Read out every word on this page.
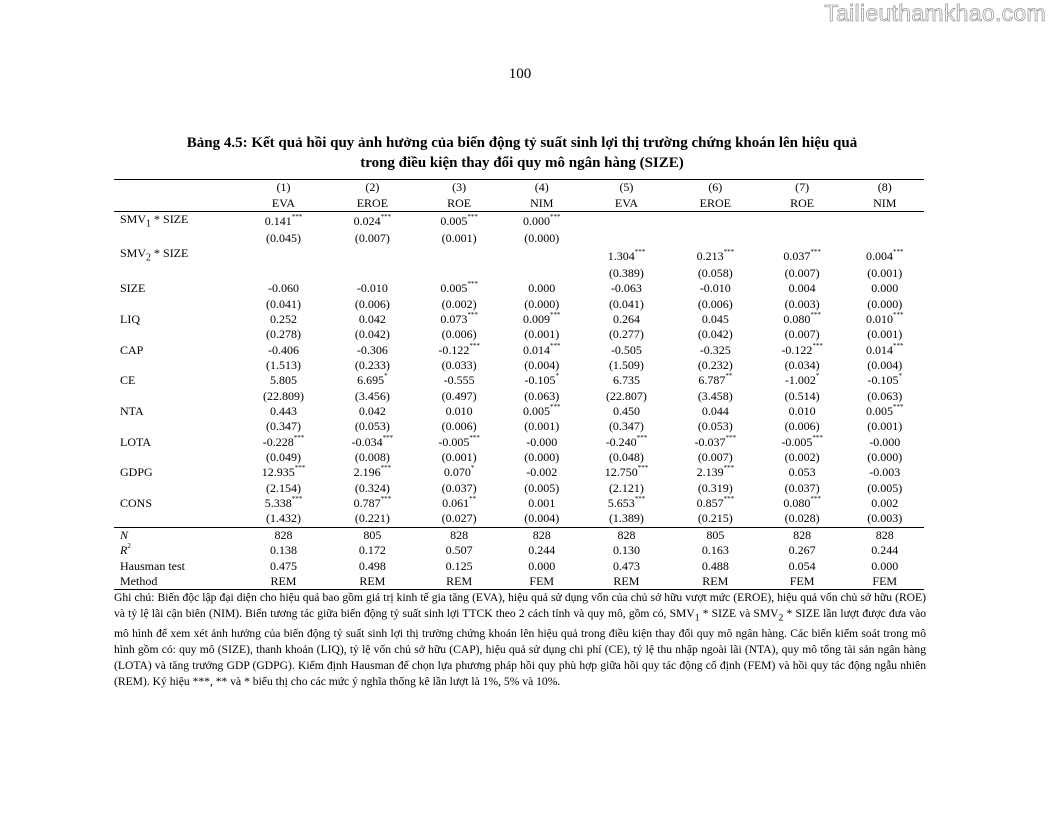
Tailieuthamkhao.com
100
Bảng 4.5: Kết quả hồi quy ảnh hưởng của biến động tỷ suất sinh lợi thị trường chứng khoán lên hiệu quả
trong điều kiện thay đổi quy mô ngân hàng (SIZE)
	(1)	(2)	(3)	(4)	(5)	(6)	(7)	(8)
	EVA	EROE	ROE	NIM	EVA	EROE	ROE	NIM
$SMV_1$ * SIZE	0.141***	0.024***	0.005***	0.000***				
	(0.045)	(0.007)	(0.001)	(0.000)				
$SMV_2$ * SIZE					1.304***	0.213***	0.037***	0.004***
					(0.389)	(0.058)	(0.007)	(0.001)
SIZE	-0.060	-0.010	0.005***	0.000	-0.063	-0.010	0.004	0.000
	(0.041)	(0.006)	(0.002)	(0.000)	(0.041)	(0.006)	(0.003)	(0.000)
LIQ	0.252	0.042	0.073***	0.009***	0.264	0.045	0.080***	0.010***
	(0.278)	(0.042)	(0.006)	(0.001)	(0.277)	(0.042)	(0.007)	(0.001)
CAP	-0.406	-0.306	-0.122***	0.014***	-0.505	-0.325	-0.122***	0.014***
	(1.513)	(0.233)	(0.033)	(0.004)	(1.509)	(0.232)	(0.034)	(0.004)
CE	5.805	6.695*	-0.555	-0.105*	6.735	6.787**	-1.002*	-0.105*
	(22.809)	(3.456)	(0.497)	(0.063)	(22.807)	(3.458)	(0.514)	(0.063)
NTA	0.443	0.042	0.010	0.005***	0.450	0.044	0.010	0.005***
	(0.347)	(0.053)	(0.006)	(0.001)	(0.347)	(0.053)	(0.006)	(0.001)
LOTA	-0.228***	-0.034***	-0.005***	-0.000	-0.240***	-0.037***	-0.005***	-0.000
	(0.049)	(0.008)	(0.001)	(0.000)	(0.048)	(0.007)	(0.002)	(0.000)
GDPG	12.935***	2.196***	0.070*	-0.002	12.750***	2.139***	0.053	-0.003
	(2.154)	(0.324)	(0.037)	(0.005)	(2.121)	(0.319)	(0.037)	(0.005)
CONS	5.338***	0.787***	0.061**	0.001	5.653***	0.857***	0.080***	0.002
	(1.432)	(0.221)	(0.027)	(0.004)	(1.389)	(0.215)	(0.028)	(0.003)
N	828	805	828	828	828	805	828	828
$R^2$	0.138	0.172	0.507	0.244	0.130	0.163	0.267	0.244
Hausman test	0.475	0.498	0.125	0.000	0.473	0.488	0.054	0.000
Method	REM	REM	REM	FEM	REM	REM	FEM	FEM
Ghi chú: Biến độc lập đại diện cho hiệu quả bao gồm giá trị kinh tế gia tăng (EVA), hiệu quả sử dụng vốn của chủ sở hữu vượt mức (EROE), hiệu quả vốn chủ sở hữu (ROE) và tỷ lệ lãi cận biên (NIM). Biến tương tác giữa biến động tỷ suất sinh lợi TTCK theo 2 cách tính và quy mô, gồm có, $SMV_1$ * SIZE và $SMV_2$ * SIZE lần lượt được đưa vào mô hình để xem xét ảnh hưởng của biến động tỷ suất sinh lợi thị trường chứng khoán lên hiệu quả trong điều kiện thay đổi quy mô ngân hàng. Các biến kiểm soát trong mô hình gồm có: quy mô (SIZE), thanh khoản (LIQ), tỷ lệ vốn chủ sở hữu (CAP), hiệu quả sử dụng chi phí (CE), tỷ lệ thu nhập ngoài lãi (NTA), quy mô tổng tài sản ngân hàng (LOTA) và tăng trưởng GDP (GDPG). Kiểm định Hausman để chọn lựa phương pháp hồi quy phù hợp giữa hồi quy tác động cố định (FEM) và hồi quy tác động ngẫu nhiên (REM). Ký hiệu ***, ** và * biểu thị cho các mức ý nghĩa thống kê lần lượt là 1%, 5% và 10%.
